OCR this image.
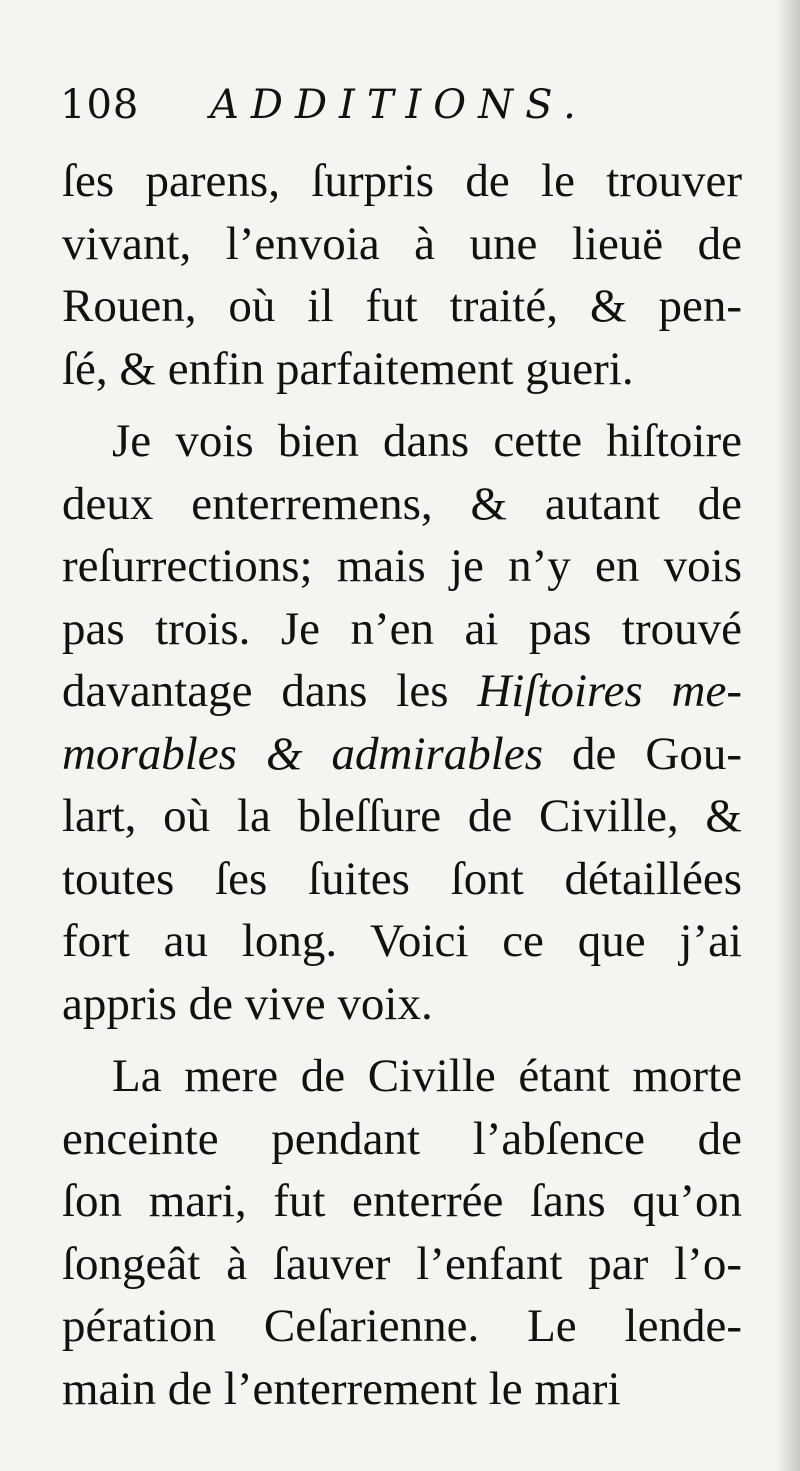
108 ADDITIONS.
ſes parens, ſurpris de le trouver
vivant, l’envoia à une lieuë de
Rouen, où il fut traité, & pen-
ſé, & enfin parfaitement gueri.
Je vois bien dans cette hiſtoire
deux enterremens, & autant de
reſurrections; mais je n’y en vois
pas trois. Je n’en ai pas trouvé
davantage dans les Hiſtoires me-
morables & admirables de Gou-
lart, où la bleſſure de Civille, &
toutes ſes ſuites ſont détaillées
fort au long. Voici ce que j’ai
appris de vive voix.
La mere de Civille étant morte
enceinte pendant l’abſence de
ſon mari, fut enterrée ſans qu’on
ſongeât à ſauver l’enfant par l’o-
pération Ceſarienne. Le lende-
main de l’enterrement le mari
